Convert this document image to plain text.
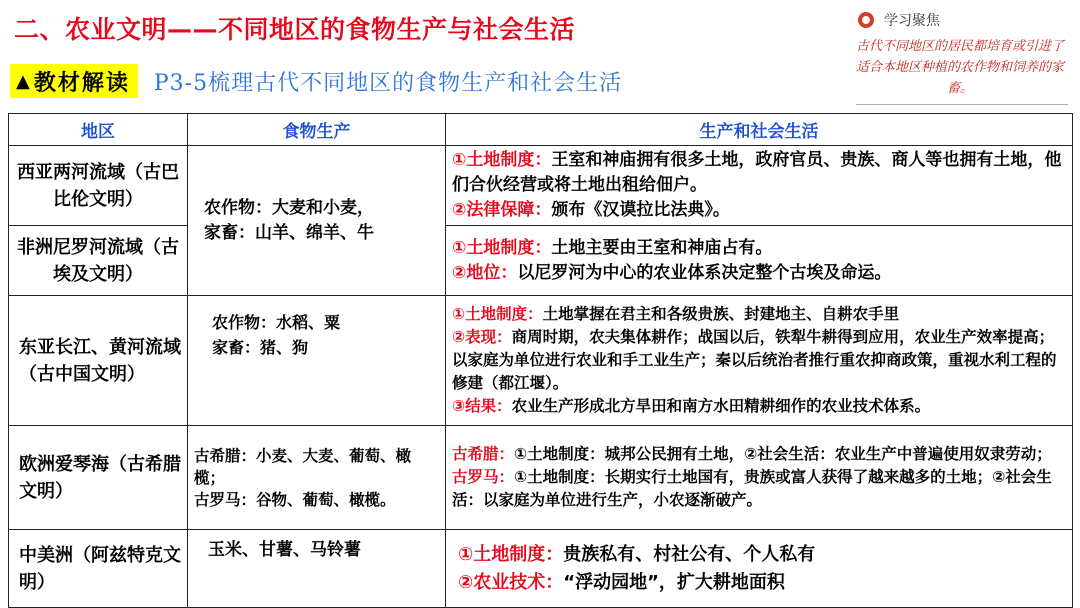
二、农业文明——不同地区的食物生产与社会生活
▲ 教材解读 P3-5梳理古代不同地区的食物生产和社会生活
学习聚焦
古代不同地区的居民都培育或引进了适合本地区种植的农作物和饲养的家畜。
地区	食物生产	生产和社会生活
西亚两河流域（古巴比伦文明）	农作物：大麦和小麦，
家畜：山羊、绵羊、牛	①土地制度：王室和神庙拥有很多土地，政府官员、贵族、商人等也拥有土地，他们合伙经营或将土地出租给佃户。
②法律保障：颁布《汉谟拉比法典》。

非洲尼罗河流域（古埃及文明）		①土地制度：土地主要由王室和神庙占有。
②地位：以尼罗河为中心的农业体系决定整个古埃及命运。

东亚长江、黄河流域（古中国文明）	农作物：水稻、粟
家畜：猪、狗	①土地制度：土地掌握在君主和各级贵族、封建地主、自耕农手里
②表现：商周时期，农夫集体耕作；战国以后，铁犁牛耕得到应用，农业生产效率提高；以家庭为单位进行农业和手工业生产；秦以后统治者推行重农抑商政策，重视水利工程的修建（都江堰）。
③结果：农业生产形成北方旱田和南方水田精耕细作的农业技术体系。

欧洲爱琴海（古希腊文明）	古希腊：小麦、大麦、葡萄、橄榄；
古罗马：谷物、葡萄、橄榄。	古希腊：①土地制度：城邦公民拥有土地，②社会生活：农业生产中普遍使用奴隶劳动；
古罗马：①土地制度：长期实行土地国有，贵族或富人获得了越来越多的土地；②社会生活：以家庭为单位进行生产，小农逐渐破产。

中美洲（阿兹特克文明）	玉米、甘薯、马铃薯	①土地制度：贵族私有、村社公有、个人私有
②农业技术：“浮动园地”，扩大耕地面积
